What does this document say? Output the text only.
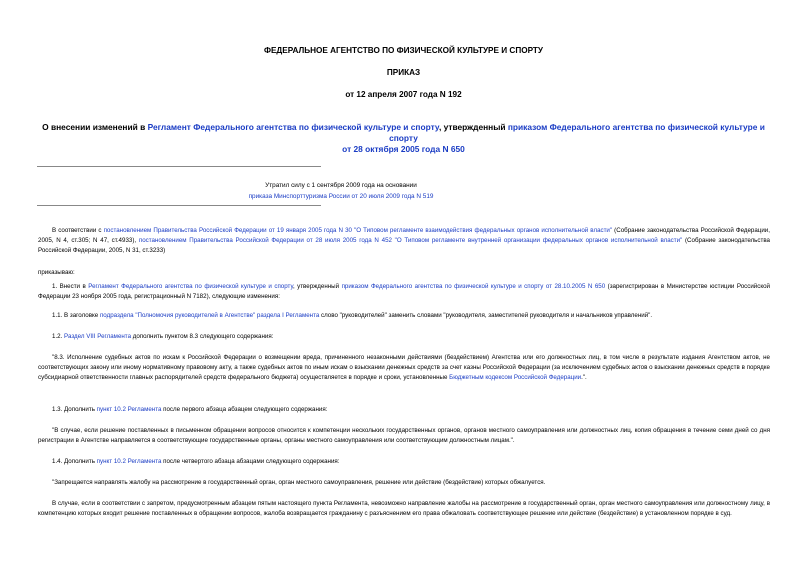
ФЕДЕРАЛЬНОЕ АГЕНТСТВО ПО ФИЗИЧЕСКОЙ КУЛЬТУРЕ И СПОРТУ
ПРИКАЗ
от 12 апреля 2007 года N 192
О внесении изменений в Регламент Федерального агентства по физической культуре и спорту, утвержденный приказом Федерального агентства по физической культуре и спорту
от 28 октября 2005 года N 650
Утратил силу с 1 сентября 2009 года на основании
приказа Минспорттуризма России от 20 июля 2009 года N 519
В соответствии с постановлением Правительства Российской Федерации от 19 января 2005 года N 30 "О Типовом регламенте взаимодействия федеральных органов исполнительной власти" (Собрание законодательства Российской Федерации, 2005, N 4, ст.305; N 47, ст.4933), постановлением Правительства Российской Федерации от 28 июля 2005 года N 452 "О Типовом регламенте внутренней организации федеральных органов исполнительной власти" (Собрание законодательства Российской Федерации, 2005, N 31, ст.3233)
приказываю:
1. Внести в Регламент Федерального агентства по физической культуре и спорту, утвержденный приказом Федерального агентства по физической культуре и спорту от 28.10.2005 N 650 (зарегистрирован в Министерстве юстиции Российской Федерации 23 ноября 2005 года, регистрационный N 7182), следующие изменения:
1.1. В заголовке подраздела "Полномочия руководителей в Агентстве" раздела I Регламента слово "руководителей" заменить словами "руководителя, заместителей руководителя и начальников управлений".
1.2. Раздел VIII Регламента дополнить пунктом 8.3 следующего содержания:
"8.3. Исполнение судебных актов по искам к Российской Федерации о возмещении вреда, причиненного незаконными действиями (бездействием) Агентства или его должностных лиц, в том числе в результате издания Агентством актов, не соответствующих закону или иному нормативному правовому акту, а также судебных актов по иным искам о взыскании денежных средств за счет казны Российской Федерации (за исключением судебных актов о взыскании денежных средств в порядке субсидиарной ответственности главных распорядителей средств федерального бюджета) осуществляется в порядке и сроки, установленные Бюджетным кодексом Российской Федерации.".
1.3. Дополнить пункт 10.2 Регламента после первого абзаца абзацем следующего содержания:
"В случае, если решение поставленных в письменном обращении вопросов относится к компетенции нескольких государственных органов, органов местного самоуправления или должностных лиц, копия обращения в течение семи дней со дня регистрации в Агентстве направляется в соответствующие государственные органы, органы местного самоуправления или соответствующим должностным лицам.".
1.4. Дополнить пункт 10.2 Регламента после четвертого абзаца абзацами следующего содержания:
"Запрещается направлять жалобу на рассмотрение в государственный орган, орган местного самоуправления, решение или действие (бездействие) которых обжалуется.
В случае, если в соответствии с запретом, предусмотренным абзацем пятым настоящего пункта Регламента, невозможно направление жалобы на рассмотрение в государственный орган, орган местного самоуправления или должностному лицу, в компетенцию которых входит решение поставленных в обращении вопросов, жалоба возвращается гражданину с разъяснением его права обжаловать соответствующее решение или действие (бездействие) в установленном порядке в суд.
